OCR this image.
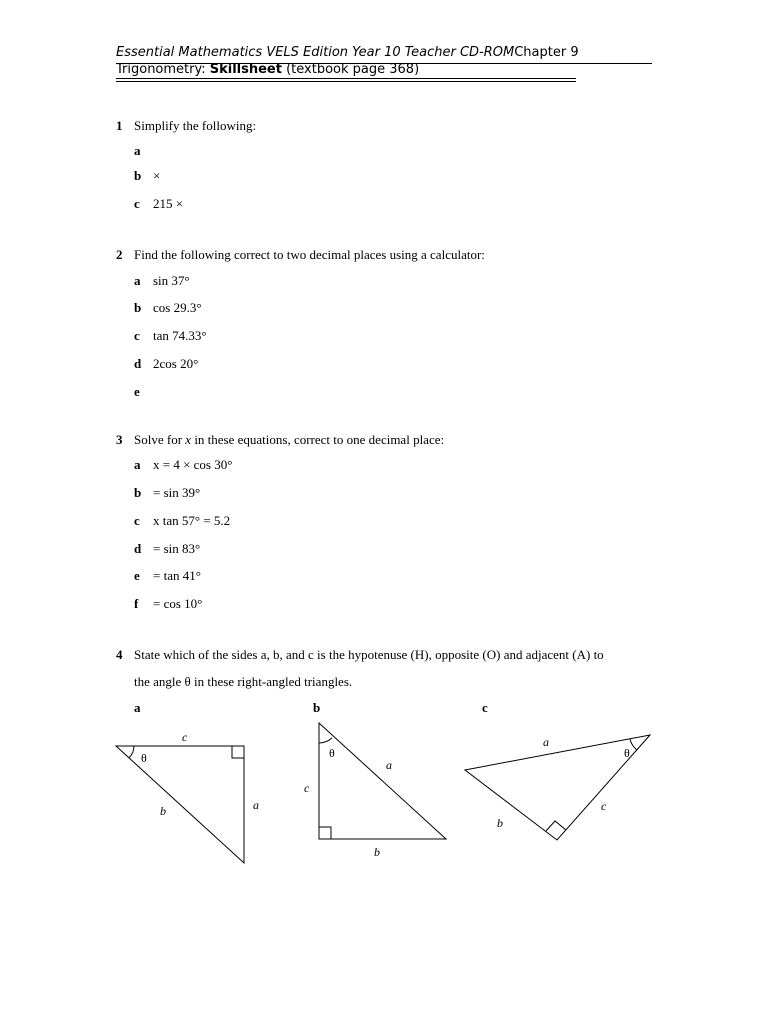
Essential Mathematics VELS Edition Year 10 Teacher CD-ROMChapter 9
Trigonometry: Skillsheet (textbook page 368)
1 Simplify the following:
a
b ×
c 215 ×
2 Find the following correct to two decimal places using a calculator:
a sin 37°
b cos 29.3°
c tan 74.33°
d 2cos 20°
e
3 Solve for x in these equations, correct to one decimal place:
a x = 4 × cos 30°
b = sin 39°
c x tan 57° = 5.2
d = sin 83°
e = tan 41°
f = cos 10°
4 State which of the sides a, b, and c is the hypotenuse (H), opposite (O) and adjacent (A) to
the angle θ in these right-angled triangles.
a	b	c
c
a
b
θ
c
b
a
θ
a
b
c
θ
